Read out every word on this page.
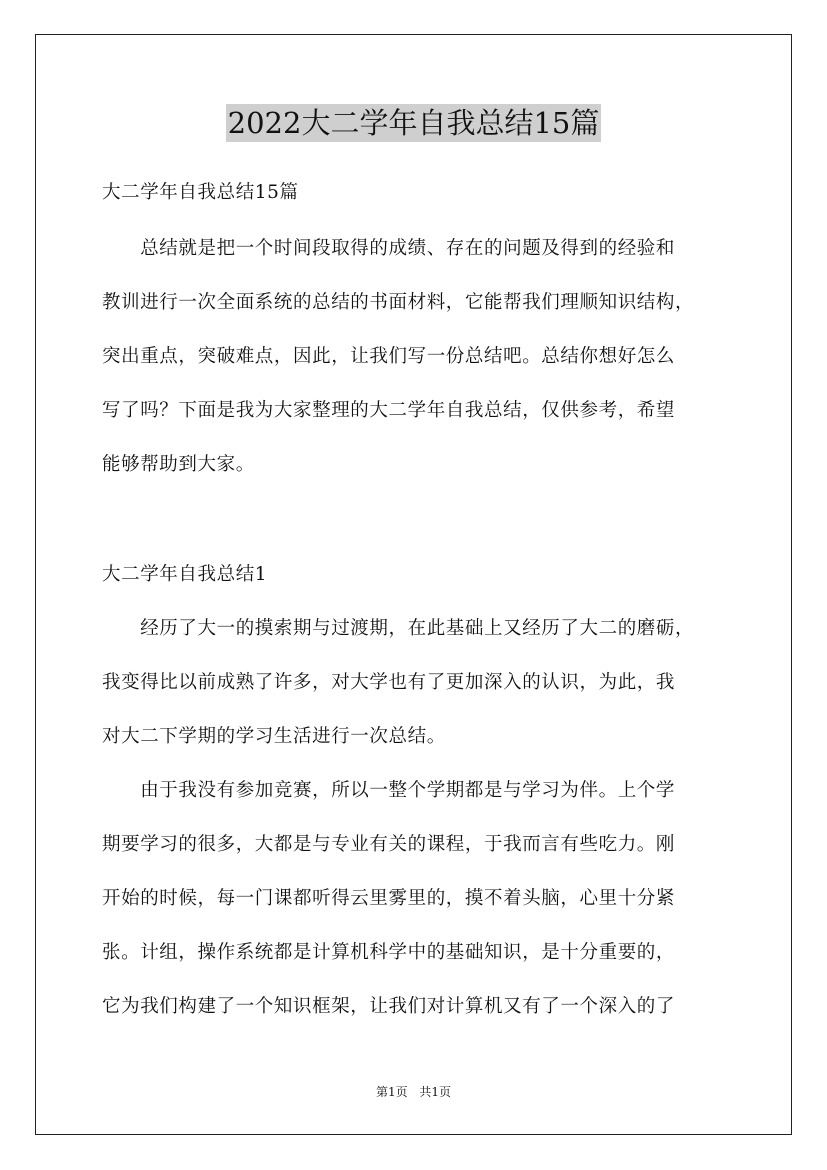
2022大二学年自我总结15篇
大二学年自我总结15篇
　　总结就是把一个时间段取得的成绩、存在的问题及得到的经验和
教训进行一次全面系统的总结的书面材料，它能帮我们理顺知识结构，
突出重点，突破难点，因此，让我们写一份总结吧。总结你想好怎么
写了吗？下面是我为大家整理的大二学年自我总结，仅供参考，希望
能够帮助到大家。
大二学年自我总结1
　　经历了大一的摸索期与过渡期，在此基础上又经历了大二的磨砺，
我变得比以前成熟了许多，对大学也有了更加深入的认识，为此，我
对大二下学期的学习生活进行一次总结。
　　由于我没有参加竞赛，所以一整个学期都是与学习为伴。上个学
期要学习的很多，大都是与专业有关的课程，于我而言有些吃力。刚
开始的时候，每一门课都听得云里雾里的，摸不着头脑，心里十分紧
张。计组，操作系统都是计算机科学中的基础知识，是十分重要的，
它为我们构建了一个知识框架，让我们对计算机又有了一个深入的了
第1页 共1页
